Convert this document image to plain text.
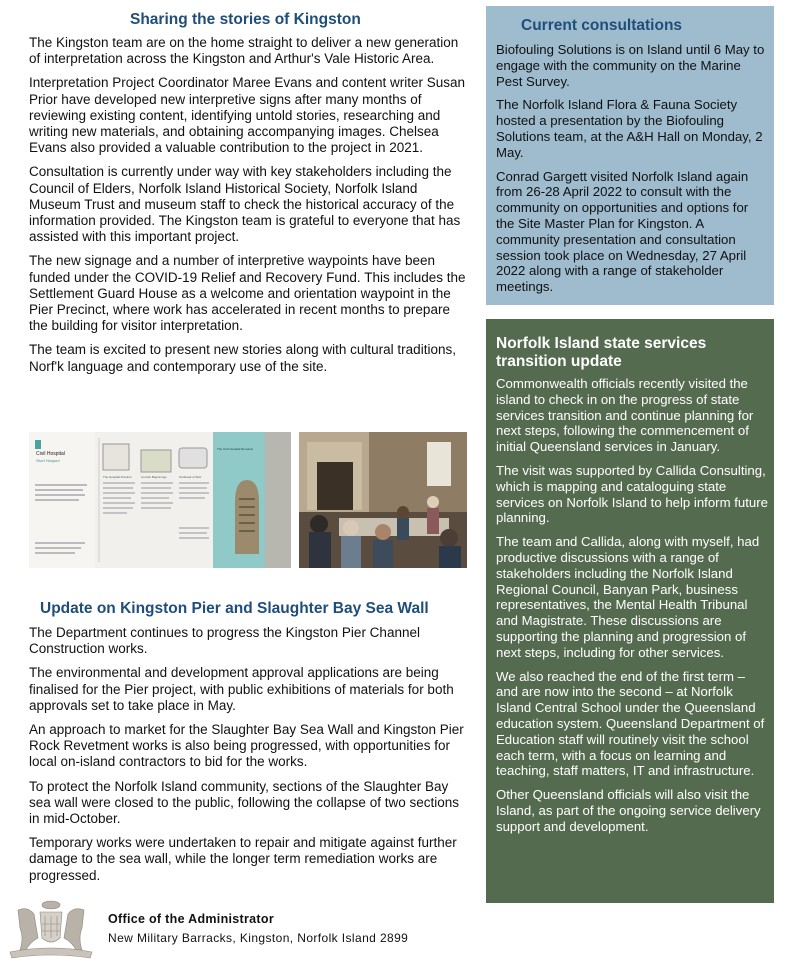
Sharing the stories of Kingston

The Kingston team are on the home straight to deliver a new generation of interpretation across the Kingston and Arthur's Vale Historic Area.

Interpretation Project Coordinator Maree Evans and content writer Susan Prior have developed new interpretive signs after many months of reviewing existing content, identifying untold stories, researching and writing new materials, and obtaining accompanying images. Chelsea Evans also provided a valuable contribution to the project in 2021.

Consultation is currently under way with key stakeholders including the Council of Elders, Norfolk Island Historical Society, Norfolk Island Museum Trust and museum staff to check the historical accuracy of the information provided. The Kingston team is grateful to everyone that has assisted with this important project.

The new signage and a number of interpretive waypoints have been funded under the COVID-19 Relief and Recovery Fund. This includes the Settlement Guard House as a welcome and orientation waypoint in the Pier Precinct, where work has accelerated in recent months to prepare the building for visitor interpretation.

The team is excited to present new stories along with cultural traditions, Norf'k language and contemporary use of the site.

Civil Hospital
Sivel Hosped
The Hospital Precinct	Convict Beginnings	Outbreak of Sick
The Civil Hospital Remains
Update on Kingston Pier and Slaughter Bay Sea Wall

The Department continues to progress the Kingston Pier Channel Construction works.

The environmental and development approval applications are being finalised for the Pier project, with public exhibitions of materials for both approvals set to take place in May.

An approach to market for the Slaughter Bay Sea Wall and Kingston Pier Rock Revetment works is also being progressed, with opportunities for local on-island contractors to bid for the works.

To protect the Norfolk Island community, sections of the Slaughter Bay sea wall were closed to the public, following the collapse of two sections in mid-October.

Temporary works were undertaken to repair and mitigate against further damage to the sea wall, while the longer term remediation works are progressed.

Current consultations

Biofouling Solutions is on Island until 6 May to engage with the community on the Marine Pest Survey.

The Norfolk Island Flora & Fauna Society hosted a presentation by the Biofouling Solutions team, at the A&H Hall on Monday, 2 May.

Conrad Gargett visited Norfolk Island again from 26-28 April 2022 to consult with the community on opportunities and options for the Site Master Plan for Kingston. A community presentation and consultation session took place on Wednesday, 27 April 2022 along with a range of stakeholder meetings.

Norfolk Island state services transition update

Commonwealth officials recently visited the island to check in on the progress of state services transition and continue planning for next steps, following the commencement of initial Queensland services in January.

The visit was supported by Callida Consulting, which is mapping and cataloguing state services on Norfolk Island to help inform future planning.

The team and Callida, along with myself, had productive discussions with a range of stakeholders including the Norfolk Island Regional Council, Banyan Park, business representatives, the Mental Health Tribunal and Magistrate. These discussions are supporting the planning and progression of next steps, including for other services.

We also reached the end of the first term – and are now into the second – at Norfolk Island Central School under the Queensland education system. Queensland Department of Education staff will routinely visit the school each term, with a focus on learning and teaching, staff matters, IT and infrastructure.

Other Queensland officials will also visit the Island, as part of the ongoing service delivery support and development.

Office of the Administrator
New Military Barracks, Kingston, Norfolk Island 2899
